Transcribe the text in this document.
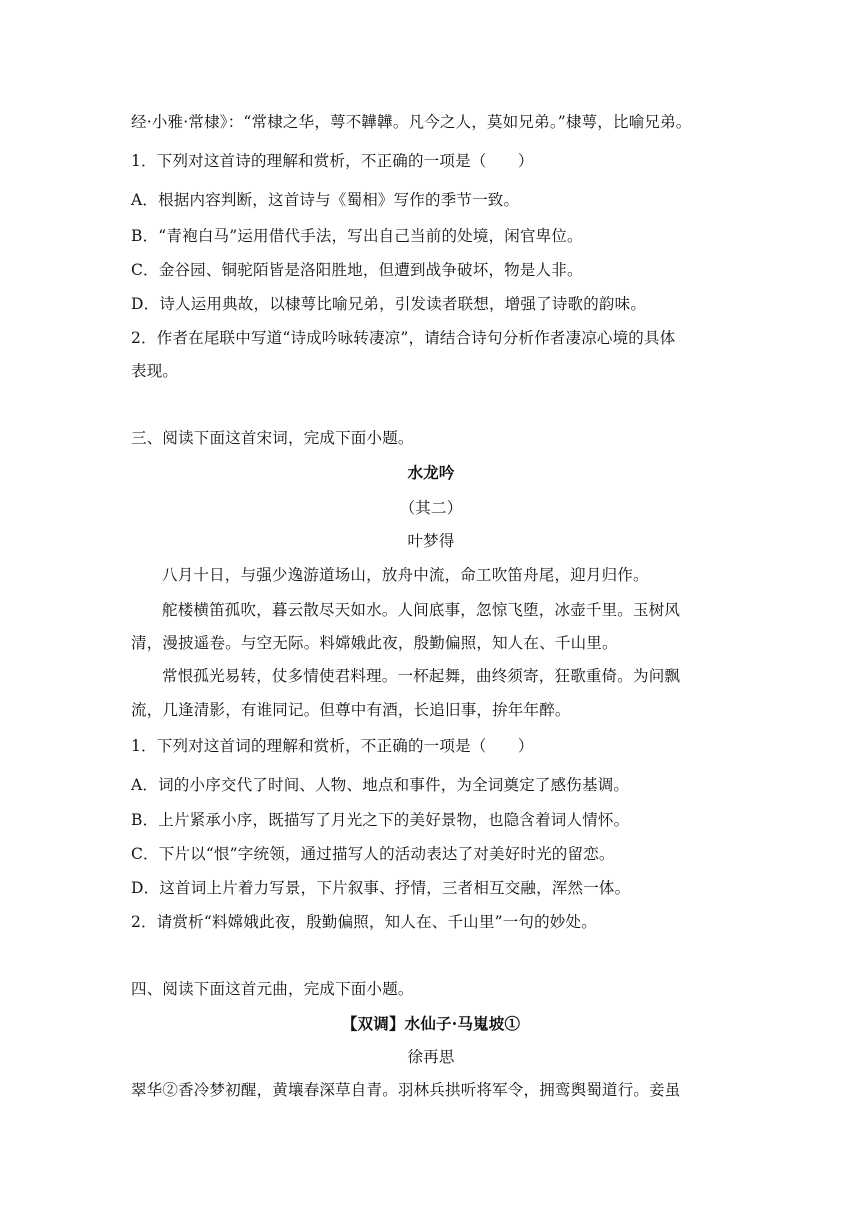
经·小雅·常棣》：“常棣之华，萼不韡韡。凡今之人，莫如兄弟。”棣萼，比喻兄弟。
1．下列对这首诗的理解和赏析，不正确的一项是（　　）
A．根据内容判断，这首诗与《蜀相》写作的季节一致。
B．“青袍白马”运用借代手法，写出自己当前的处境，闲官卑位。
C．金谷园、铜驼陌皆是洛阳胜地，但遭到战争破坏，物是人非。
D．诗人运用典故，以棣萼比喻兄弟，引发读者联想，增强了诗歌的韵味。
2．作者在尾联中写道“诗成吟咏转凄凉”，请结合诗句分析作者凄凉心境的具体
表现。
三、阅读下面这首宋词，完成下面小题。
水龙吟
（其二）
叶梦得
八月十日，与强少逸游道场山，放舟中流，命工吹笛舟尾，迎月归作。
舵楼横笛孤吹，暮云散尽天如水。人间底事，忽惊飞堕，冰壶千里。玉树风
清，漫披遥卷。与空无际。料嫦娥此夜，殷勤偏照，知人在、千山里。
常恨孤光易转，仗多情使君料理。一杯起舞，曲终须寄，狂歌重倚。为问飘
流，几逢清影，有谁同记。但尊中有酒，长追旧事，拚年年醉。
1．下列对这首词的理解和赏析，不正确的一项是（　　）
A．词的小序交代了时间、人物、地点和事件，为全词奠定了感伤基调。
B．上片紧承小序，既描写了月光之下的美好景物，也隐含着词人情怀。
C．下片以“恨”字统领，通过描写人的活动表达了对美好时光的留恋。
D．这首词上片着力写景，下片叙事、抒情，三者相互交融，浑然一体。
2．请赏析“料嫦娥此夜，殷勤偏照，知人在、千山里”一句的妙处。
四、阅读下面这首元曲，完成下面小题。
【双调】水仙子·马嵬坡①
徐再思
翠华②香冷梦初醒，黄壤春深草自青。羽林兵拱听将军令，拥鸾舆蜀道行。妾虽
